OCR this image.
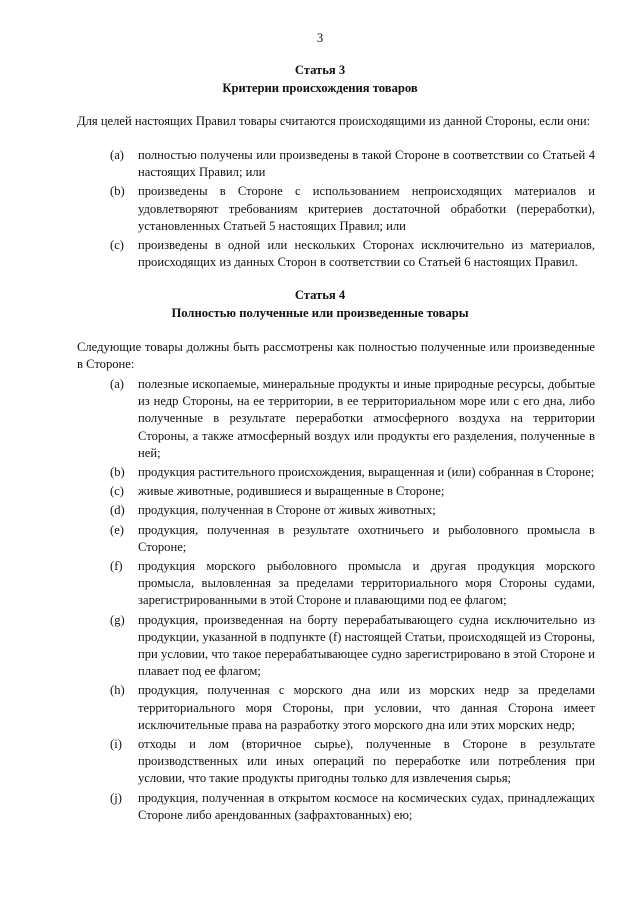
3
Статья 3
Критерии происхождения товаров
Для целей настоящих Правил товары считаются происходящими из данной Стороны, если они:
(a)	полностью получены или произведены в такой Стороне в соответствии со Статьей 4 настоящих Правил; или
(b)	произведены в Стороне с использованием непроисходящих материалов и удовлетворяют требованиям критериев достаточной обработки (переработки), установленных Статьей 5 настоящих Правил; или
(c)	произведены в одной или нескольких Сторонах исключительно из материалов, происходящих из данных Сторон в соответствии со Статьей 6 настоящих Правил.
Статья 4
Полностью полученные или произведенные товары
Следующие товары должны быть рассмотрены как полностью полученные или произведенные в Стороне:
(a)	полезные ископаемые, минеральные продукты и иные природные ресурсы, добытые из недр Стороны, на ее территории, в ее территориальном море или с его дна, либо полученные в результате переработки атмосферного воздуха на территории Стороны, а также атмосферный воздух или продукты его разделения, полученные в ней;
(b)	продукция растительного происхождения, выращенная и (или) собранная в Стороне;
(c)	живые животные, родившиеся и выращенные в Стороне;
(d)	продукция, полученная в Стороне от живых животных;
(e)	продукция, полученная в результате охотничьего и рыболовного промысла в Стороне;
(f)	продукция морского рыболовного промысла и другая продукция морского промысла, выловленная за пределами территориального моря Стороны судами, зарегистрированными в этой Стороне и плавающими под ее флагом;
(g)	продукция, произведенная на борту перерабатывающего судна исключительно из продукции, указанной в подпункте (f) настоящей Статьи, происходящей из Стороны, при условии, что такое перерабатывающее судно зарегистрировано в этой Стороне и плавает под ее флагом;
(h)	продукция, полученная с морского дна или из морских недр за пределами территориального моря Стороны, при условии, что данная Сторона имеет исключительные права на разработку этого морского дна или этих морских недр;
(i)	отходы и лом (вторичное сырье), полученные в Стороне в результате производственных или иных операций по переработке или потребления при условии, что такие продукты пригодны только для извлечения сырья;
(j)	продукция, полученная в открытом космосе на космических судах, принадлежащих Стороне либо арендованных (зафрахтованных) ею;
